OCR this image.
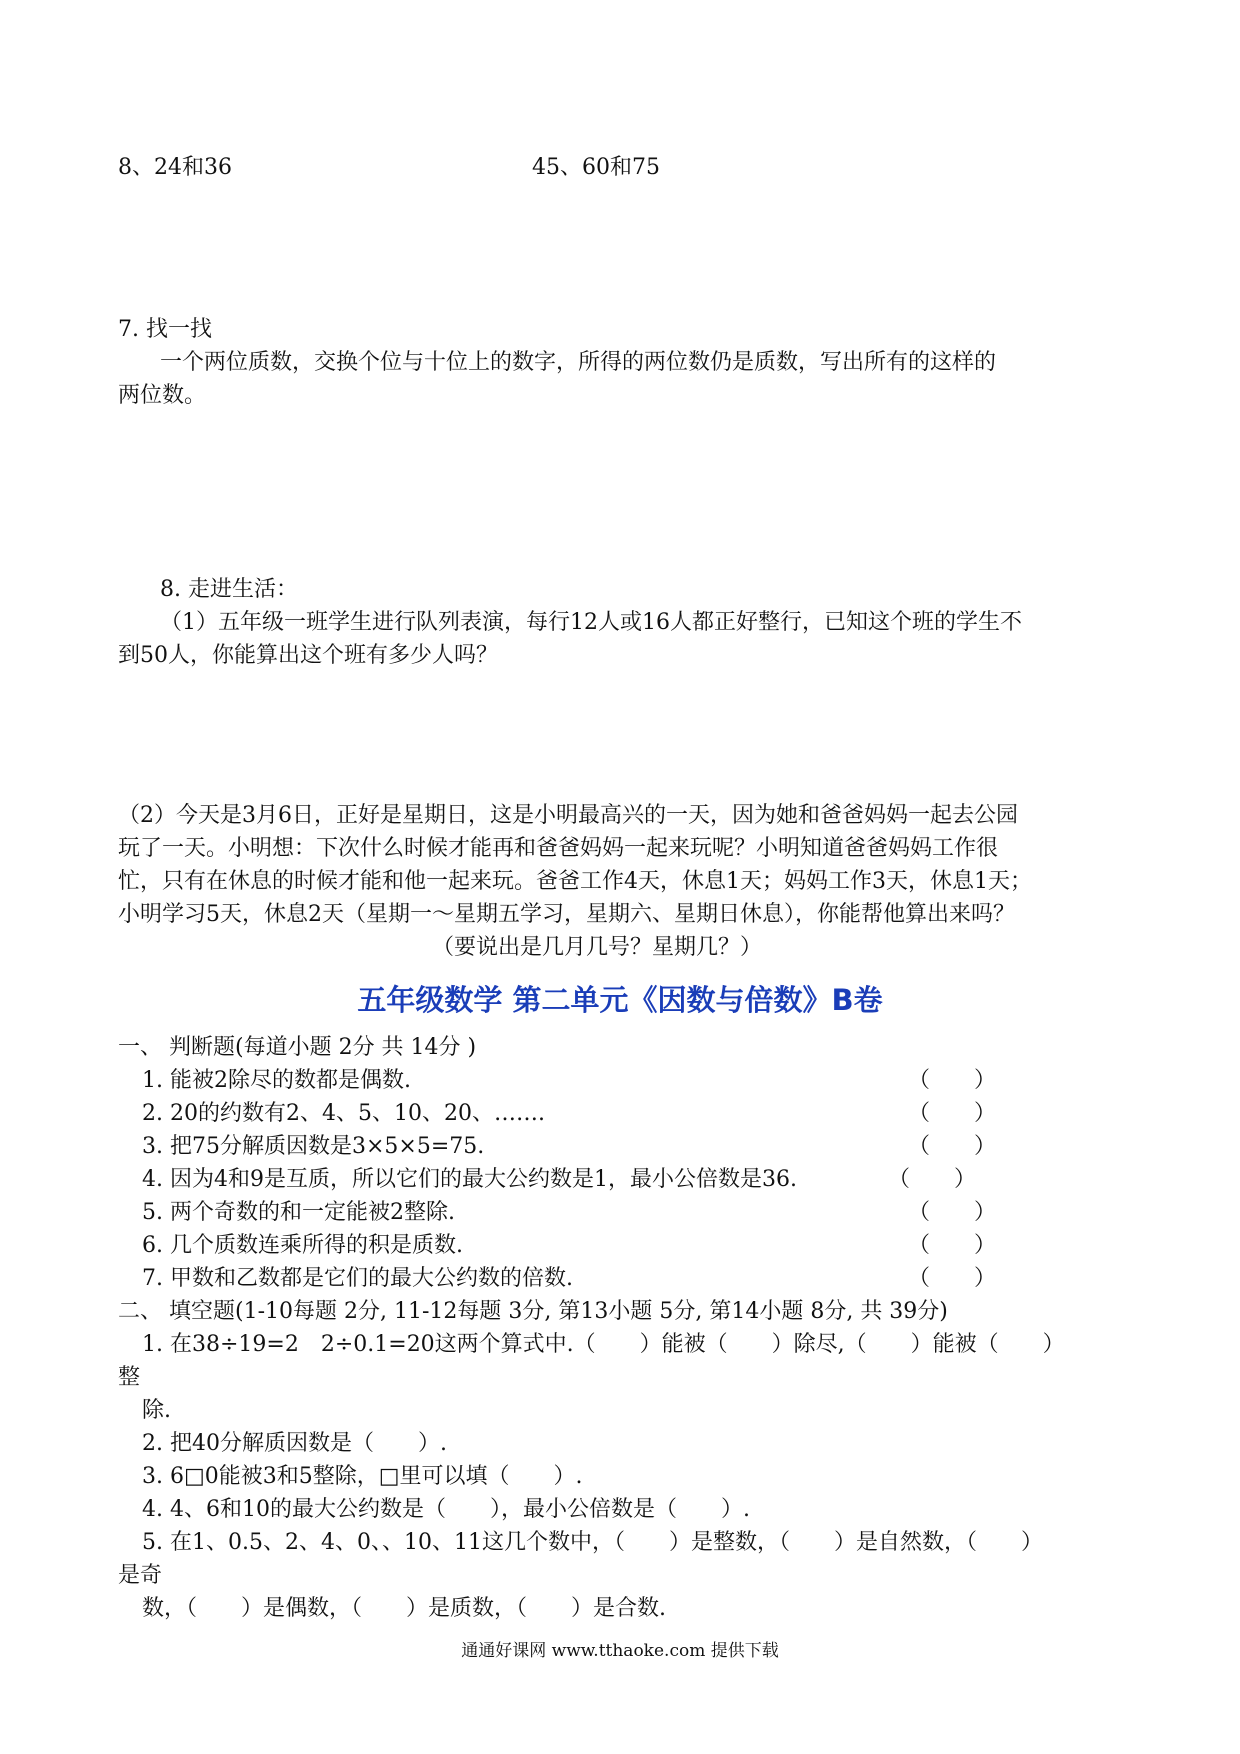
8、24和36	45、60和75
7. 找一找
一个两位质数，交换个位与十位上的数字，所得的两位数仍是质数，写出所有的这样的
两位数。
8. 走进生活：
（1）五年级一班学生进行队列表演，每行12人或16人都正好整行，已知这个班的学生不
到50人，你能算出这个班有多少人吗？
（2）今天是3月6日，正好是星期日，这是小明最高兴的一天，因为她和爸爸妈妈一起去公园
玩了一天。小明想：下次什么时候才能再和爸爸妈妈一起来玩呢？小明知道爸爸妈妈工作很
忙，只有在休息的时候才能和他一起来玩。爸爸工作4天，休息1天；妈妈工作3天，休息1天；
小明学习5天，休息2天（星期一～星期五学习，星期六、星期日休息），你能帮他算出来吗？
（要说出是几月几号？星期几？）
五年级数学 第二单元《因数与倍数》B卷
一、 判断题(每道小题 2分 共 14分 )
1. 能被2除尽的数都是偶数.	（　　）
2. 20的约数有2、4、5、10、20、…….	（　　）
3. 把75分解质因数是3×5×5=75.	（　　）
4. 因为4和9是互质，所以它们的最大公约数是1，最小公倍数是36.	（　　）
5. 两个奇数的和一定能被2整除.	（　　）
6. 几个质数连乘所得的积是质数.	（　　）
7. 甲数和乙数都是它们的最大公约数的倍数.	（　　）
二、 填空题(1-10每题 2分, 11-12每题 3分, 第13小题 5分, 第14小题 8分, 共 39分)
1. 在38÷19=2　2÷0.1=20这两个算式中.（　　）能被（　　）除尽,（　　）能被（　　）
整
除.
2. 把40分解质因数是（　　）.
3. 6□0能被3和5整除，□里可以填（　　）.
4. 4、6和10的最大公约数是（　　），最小公倍数是（　　）.
5. 在1、0.5、2、4、0、、10、11这几个数中，（　　）是整数，（　　）是自然数，（　　）
是奇
数，（　　）是偶数，（　　）是质数，（　　）是合数.
通通好课网 www.tthaoke.com 提供下载
